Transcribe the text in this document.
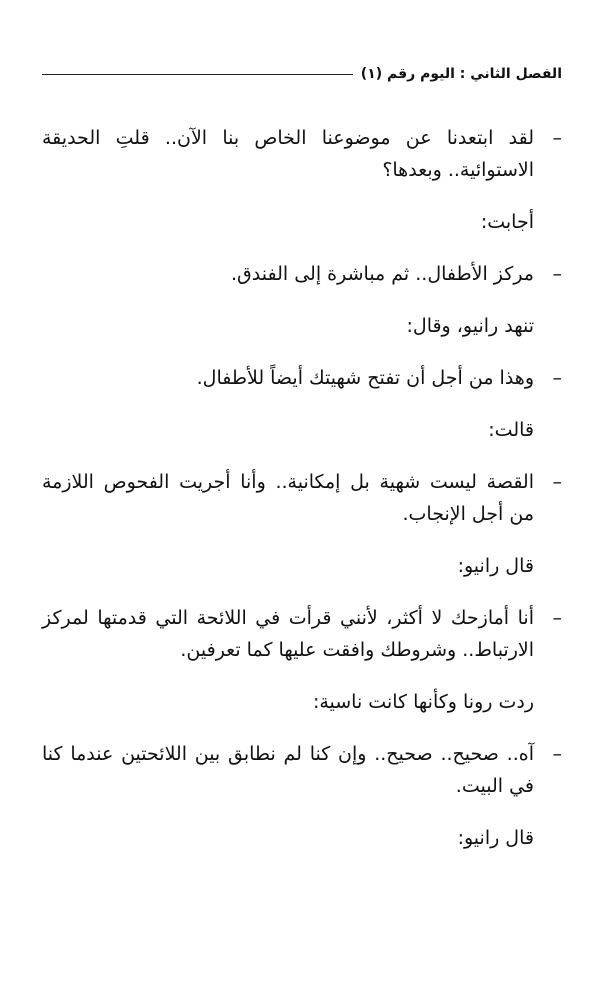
الفصل الثاني : اليوم رقم (١)

–
لقد ابتعدنا عن موضوعنا الخاص بنا الآن.. قلتِ الحديقة الاستوائية.. وبعدها؟

أجابت:

–
مركز الأطفال.. ثم مباشرة إلى الفندق.

تنهد رانيو، وقال:

–
وهذا من أجل أن تفتح شهيتك أيضاً للأطفال.

قالت:

–
القصة ليست شهية بل إمكانية.. وأنا أجريت الفحوص اللازمة من أجل الإنجاب.

قال رانيو:

–
أنا أمازحك لا أكثر، لأنني قرأت في اللائحة التي قدمتها لمركز الارتباط.. وشروطك وافقت عليها كما تعرفين.

ردت رونا وكأنها كانت ناسية:

–
آه.. صحيح.. صحيح.. وإن كنا لم نطابق بين اللائحتين عندما كنا في البيت.

قال رانيو:
